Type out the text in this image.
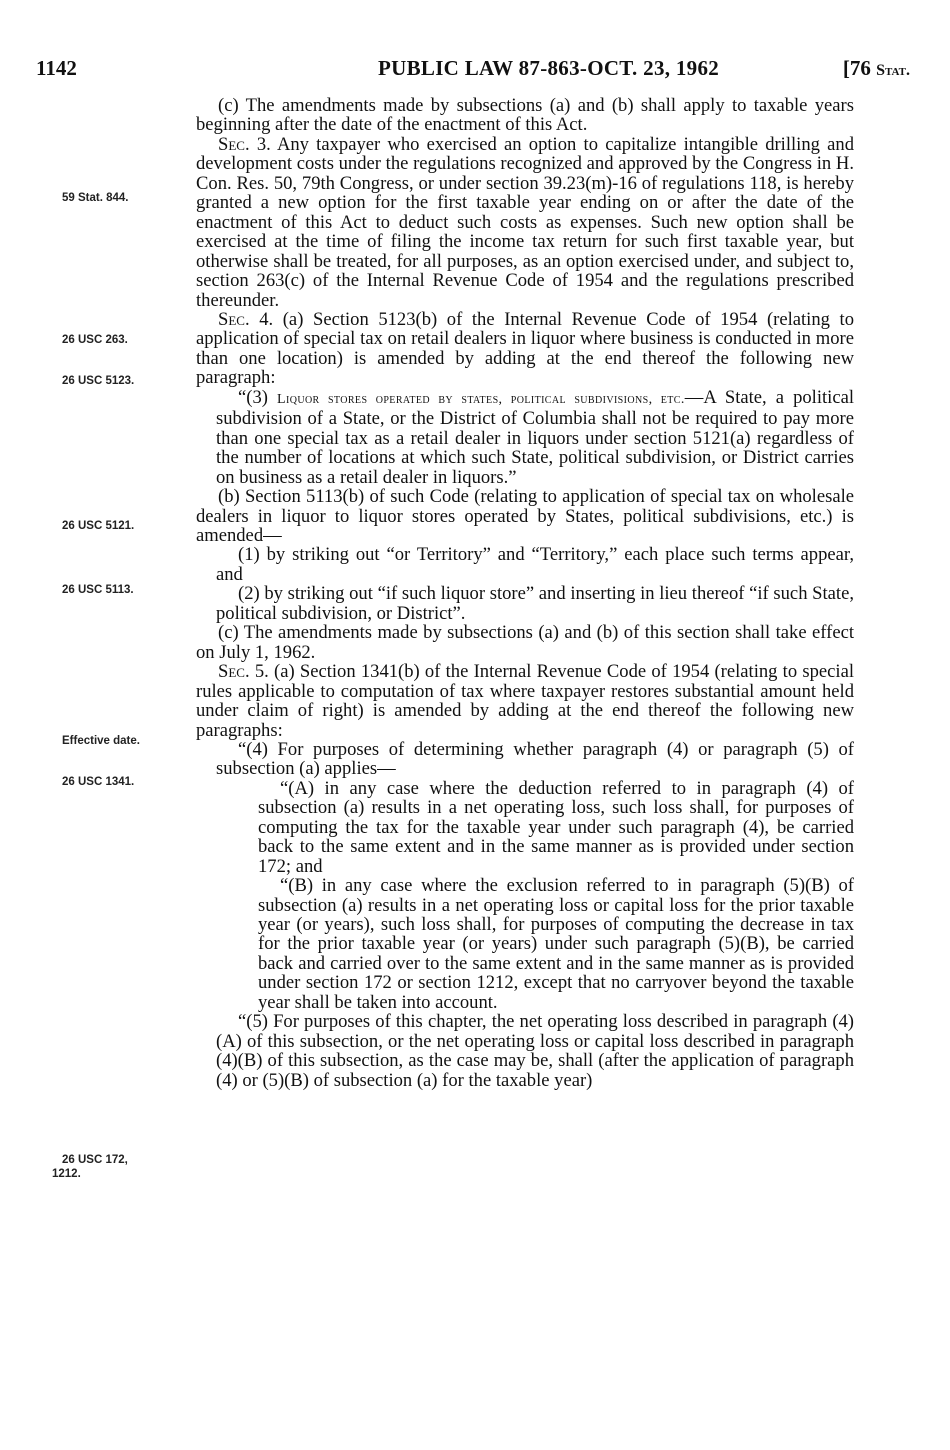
1142	PUBLIC LAW 87-863-OCT. 23, 1962	[76 Stat.
59 Stat. 844.
26 USC 263.
26 USC 5123.
26 USC 5121.
26 USC 5113.
Effective date.
26 USC 1341.
26 USC 172,
1212.

(c) The amendments made by subsections (a) and (b) shall apply to taxable years beginning after the date of the enactment of this Act.

Sec. 3. Any taxpayer who exercised an option to capitalize intangible drilling and development costs under the regulations recognized and approved by the Congress in H. Con. Res. 50, 79th Congress, or under section 39.23(m)-16 of regulations 118, is hereby granted a new option for the first taxable year ending on or after the date of the enactment of this Act to deduct such costs as expenses. Such new option shall be exercised at the time of filing the income tax return for such first taxable year, but otherwise shall be treated, for all purposes, as an option exercised under, and subject to, section 263(c) of the Internal Revenue Code of 1954 and the regulations prescribed thereunder.

Sec. 4. (a) Section 5123(b) of the Internal Revenue Code of 1954 (relating to application of special tax on retail dealers in liquor where business is conducted in more than one location) is amended by adding at the end thereof the following new paragraph:

“(3) Liquor stores operated by states, political subdivisions, etc.—A State, a political subdivision of a State, or the District of Columbia shall not be required to pay more than one special tax as a retail dealer in liquors under section 5121(a) regardless of the number of locations at which such State, political subdivision, or District carries on business as a retail dealer in liquors.”

(b) Section 5113(b) of such Code (relating to application of special tax on wholesale dealers in liquor to liquor stores operated by States, political subdivisions, etc.) is amended—

(1) by striking out “or Territory” and “Territory,” each place such terms appear, and

(2) by striking out “if such liquor store” and inserting in lieu thereof “if such State, political subdivision, or District”.

(c) The amendments made by subsections (a) and (b) of this section shall take effect on July 1, 1962.

Sec. 5. (a) Section 1341(b) of the Internal Revenue Code of 1954 (relating to special rules applicable to computation of tax where taxpayer restores substantial amount held under claim of right) is amended by adding at the end thereof the following new paragraphs:

“(4) For purposes of determining whether paragraph (4) or paragraph (5) of subsection (a) applies—

“(A) in any case where the deduction referred to in paragraph (4) of subsection (a) results in a net operating loss, such loss shall, for purposes of computing the tax for the taxable year under such paragraph (4), be carried back to the same extent and in the same manner as is provided under section 172; and

“(B) in any case where the exclusion referred to in paragraph (5)(B) of subsection (a) results in a net operating loss or capital loss for the prior taxable year (or years), such loss shall, for purposes of computing the decrease in tax for the prior taxable year (or years) under such paragraph (5)(B), be carried back and carried over to the same extent and in the same manner as is provided under section 172 or section 1212, except that no carryover beyond the taxable year shall be taken into account.

“(5) For purposes of this chapter, the net operating loss described in paragraph (4)(A) of this subsection, or the net operating loss or capital loss described in paragraph (4)(B) of this subsection, as the case may be, shall (after the application of paragraph (4) or (5)(B) of subsection (a) for the taxable year)
